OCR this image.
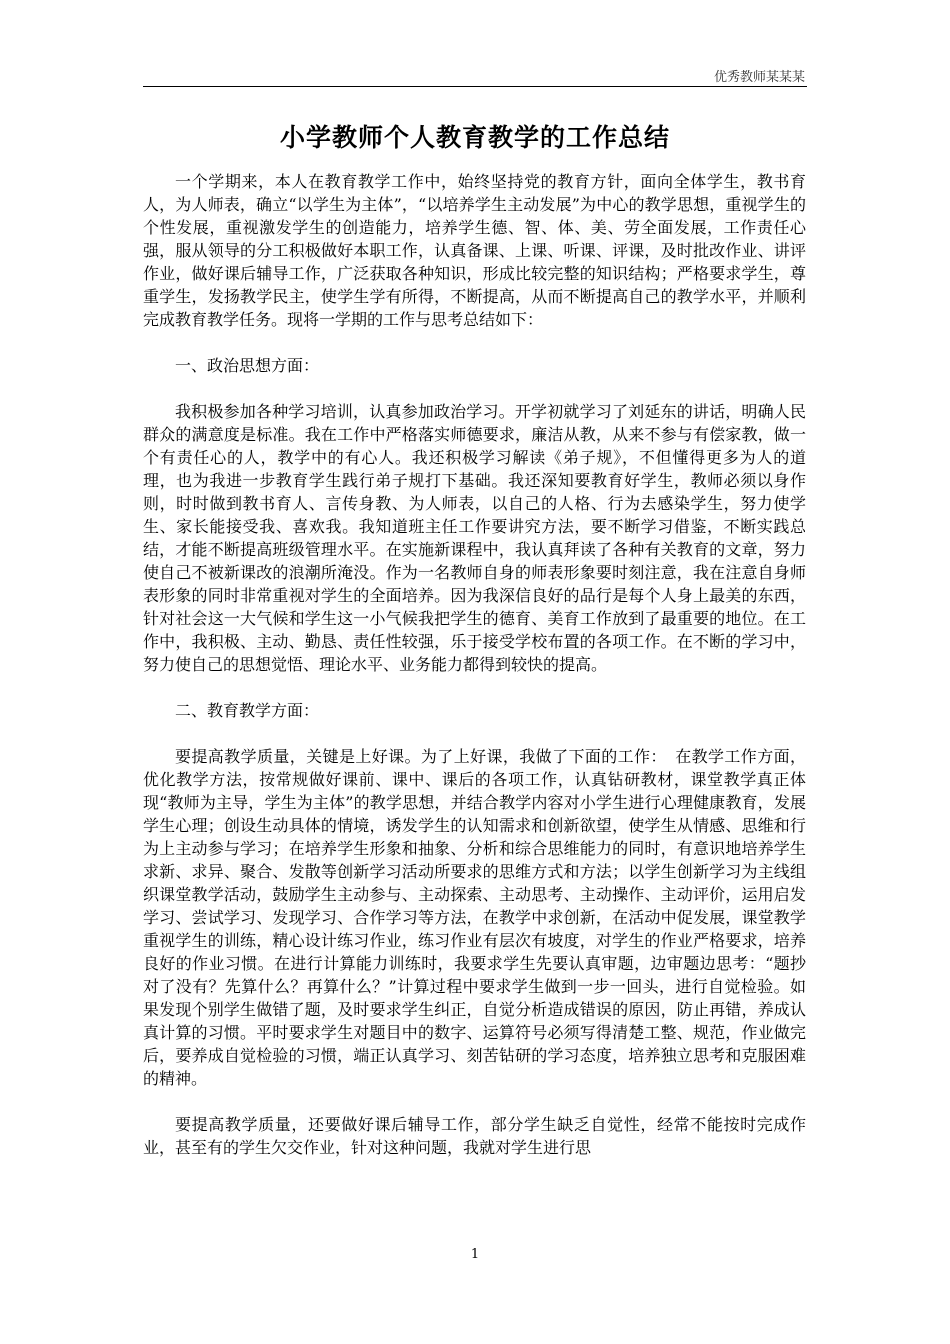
优秀教师某某某
小学教师个人教育教学的工作总结

一个学期来，本人在教育教学工作中，始终坚持党的教育方针，面向全体学生，教书育人，为人师表，确立“以学生为主体”，“以培养学生主动发展”为中心的教学思想，重视学生的个性发展，重视激发学生的创造能力，培养学生德、智、体、美、劳全面发展，工作责任心强，服从领导的分工积极做好本职工作，认真备课、上课、听课、评课，及时批改作业、讲评作业，做好课后辅导工作，广泛获取各种知识，形成比较完整的知识结构；严格要求学生，尊重学生，发扬教学民主，使学生学有所得，不断提高，从而不断提高自己的教学水平，并顺利完成教育教学任务。现将一学期的工作与思考总结如下：

一、政治思想方面：

我积极参加各种学习培训，认真参加政治学习。开学初就学习了刘延东的讲话，明确人民群众的满意度是标准。我在工作中严格落实师德要求，廉洁从教，从来不参与有偿家教，做一个有责任心的人，教学中的有心人。我还积极学习解读《弟子规》，不但懂得更多为人的道理，也为我进一步教育学生践行弟子规打下基础。我还深知要教育好学生，教师必须以身作则，时时做到教书育人、言传身教、为人师表，以自己的人格、行为去感染学生，努力使学生、家长能接受我、喜欢我。我知道班主任工作要讲究方法，要不断学习借鉴，不断实践总结，才能不断提高班级管理水平。在实施新课程中，我认真拜读了各种有关教育的文章，努力使自己不被新课改的浪潮所淹没。作为一名教师自身的师表形象要时刻注意，我在注意自身师表形象的同时非常重视对学生的全面培养。因为我深信良好的品行是每个人身上最美的东西，针对社会这一大气候和学生这一小气候我把学生的德育、美育工作放到了最重要的地位。在工作中，我积极、主动、勤恳、责任性较强，乐于接受学校布置的各项工作。在不断的学习中，努力使自己的思想觉悟、理论水平、业务能力都得到较快的提高。

二、教育教学方面：

要提高教学质量，关键是上好课。为了上好课，我做了下面的工作：　在教学工作方面，优化教学方法，按常规做好课前、课中、课后的各项工作，认真钻研教材，课堂教学真正体现“教师为主导，学生为主体”的教学思想，并结合教学内容对小学生进行心理健康教育，发展学生心理；创设生动具体的情境，诱发学生的认知需求和创新欲望，使学生从情感、思维和行为上主动参与学习；在培养学生形象和抽象、分析和综合思维能力的同时，有意识地培养学生求新、求异、聚合、发散等创新学习活动所要求的思维方式和方法；以学生创新学习为主线组织课堂教学活动，鼓励学生主动参与、主动探索、主动思考、主动操作、主动评价，运用启发学习、尝试学习、发现学习、合作学习等方法，在教学中求创新，在活动中促发展，课堂教学重视学生的训练，精心设计练习作业，练习作业有层次有坡度，对学生的作业严格要求，培养良好的作业习惯。在进行计算能力训练时，我要求学生先要认真审题，边审题边思考：“题抄对了没有？先算什么？再算什么？”计算过程中要求学生做到一步一回头，进行自觉检验。如果发现个别学生做错了题，及时要求学生纠正，自觉分析造成错误的原因，防止再错，养成认真计算的习惯。平时要求学生对题目中的数字、运算符号必须写得清楚工整、规范，作业做完后，要养成自觉检验的习惯，端正认真学习、刻苦钻研的学习态度，培养独立思考和克服困难的精神。

要提高教学质量，还要做好课后辅导工作，部分学生缺乏自觉性，经常不能按时完成作业，甚至有的学生欠交作业，针对这种问题，我就对学生进行思

1
